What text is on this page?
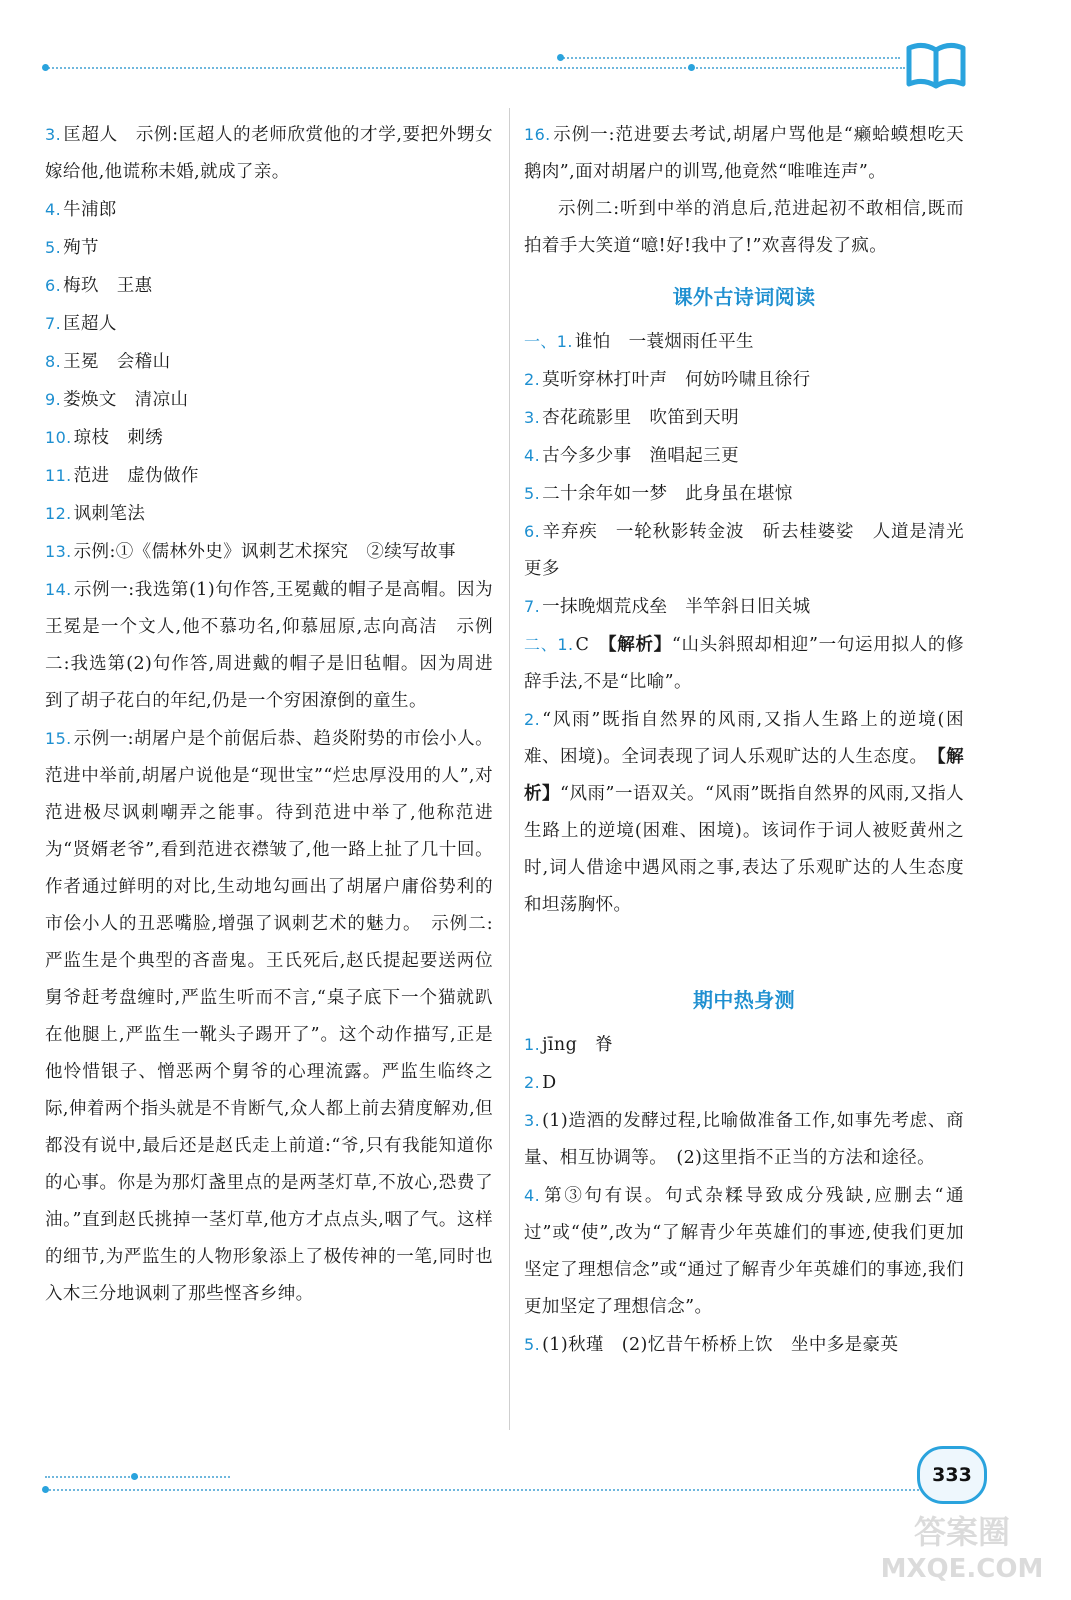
3. 匡超人　示例:匡超人的老师欣赏他的才学,要把外甥女嫁给他,他谎称未婚,就成了亲。

4. 牛浦郎

5. 殉节

6. 梅玖　王惠

7. 匡超人

8. 王冕　会稽山

9. 娄焕文　清凉山

10. 琼枝　刺绣

11. 范进　虚伪做作

12. 讽刺笔法

13. 示例:①《儒林外史》讽刺艺术探究　②续写故事

14. 示例一:我选第(1)句作答,王冕戴的帽子是高帽。因为王冕是一个文人,他不慕功名,仰慕屈原,志向高洁　示例二:我选第(2)句作答,周进戴的帽子是旧毡帽。因为周进到了胡子花白的年纪,仍是一个穷困潦倒的童生。

15. 示例一:胡屠户是个前倨后恭、趋炎附势的市侩小人。范进中举前,胡屠户说他是“现世宝”“烂忠厚没用的人”,对范进极尽讽刺嘲弄之能事。待到范进中举了,他称范进为“贤婿老爷”,看到范进衣襟皱了,他一路上扯了几十回。作者通过鲜明的对比,生动地勾画出了胡屠户庸俗势利的市侩小人的丑恶嘴脸,增强了讽刺艺术的魅力。　示例二:严监生是个典型的吝啬鬼。王氏死后,赵氏提起要送两位舅爷赶考盘缠时,严监生听而不言,“桌子底下一个猫就趴在他腿上,严监生一靴头子踢开了”。这个动作描写,正是他怜惜银子、憎恶两个舅爷的心理流露。严监生临终之际,伸着两个指头就是不肯断气,众人都上前去猜度解劝,但都没有说中,最后还是赵氏走上前道:“爷,只有我能知道你的心事。你是为那灯盏里点的是两茎灯草,不放心,恐费了油。”直到赵氏挑掉一茎灯草,他方才点点头,咽了气。这样的细节,为严监生的人物形象添上了极传神的一笔,同时也入木三分地讽刺了那些悭吝乡绅。

16. 示例一:范进要去考试,胡屠户骂他是“癞蛤蟆想吃天鹅肉”,面对胡屠户的训骂,他竟然“唯唯连声”。

示例二:听到中举的消息后,范进起初不敢相信,既而拍着手大笑道“噫!好!我中了!”欢喜得发了疯。

课外古诗词阅读

一、1. 谁怕　一蓑烟雨任平生

2. 莫听穿林打叶声　何妨吟啸且徐行

3. 杏花疏影里　吹笛到天明

4. 古今多少事　渔唱起三更

5. 二十余年如一梦　此身虽在堪惊

6. 辛弃疾　一轮秋影转金波　斫去桂婆娑　人道是清光更多

7. 一抹晚烟荒戍垒　半竿斜日旧关城

二、1. C　 【解析】“山头斜照却相迎”一句运用拟人的修辞手法,不是“比喻”。

2. “风雨”既指自然界的风雨,又指人生路上的逆境(困难、困境)。全词表现了词人乐观旷达的人生态度。　【解析】“风雨”一语双关。“风雨”既指自然界的风雨,又指人生路上的逆境(困难、困境)。该词作于词人被贬黄州之时,词人借途中遇风雨之事,表达了乐观旷达的人生态度和坦荡胸怀。

期中热身测

1. jīng　脊

2. D

3. (1)造酒的发酵过程,比喻做准备工作,如事先考虑、商量、相互协调等。　(2)这里指不正当的方法和途径。

4. 第③句有误。句式杂糅导致成分残缺,应删去“通过”或“使”,改为“了解青少年英雄们的事迹,使我们更加坚定了理想信念”或“通过了解青少年英雄们的事迹,我们更加坚定了理想信念”。

5. (1)秋瑾　(2)忆昔午桥桥上饮　坐中多是豪英

333
答案圈
MXQE.COM
